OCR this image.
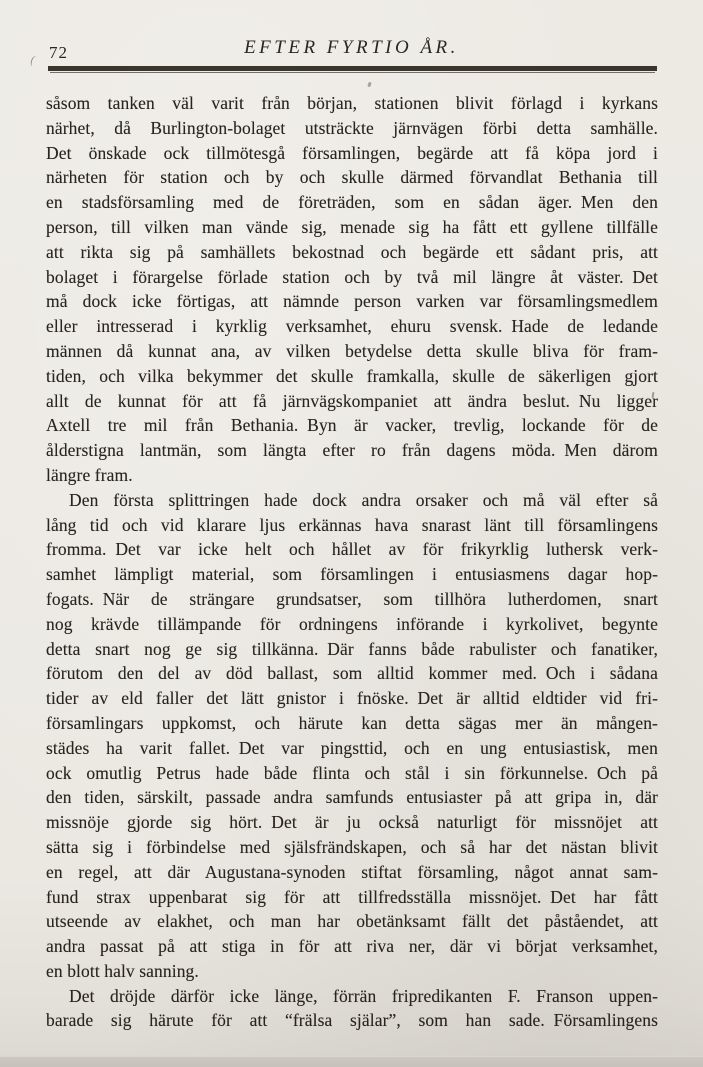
72	EFTER FYRTIO ÅR.
såsom tanken väl varit från början, stationen blivit förlagd i kyrkans
närhet, då Burlington-bolaget utsträckte järnvägen förbi detta samhälle.
Det önskade ock tillmötesgå församlingen, begärde att få köpa jord i
närheten för station och by och skulle därmed förvandlat Bethania till
en stadsförsamling med de företräden, som en sådan äger. Men den
person, till vilken man vände sig, menade sig ha fått ett gyllene tillfälle
att rikta sig på samhällets bekostnad och begärde ett sådant pris, att
bolaget i förargelse förlade station och by två mil längre åt väster. Det
må dock icke förtigas, att nämnde person varken var församlingsmedlem
eller intresserad i kyrklig verksamhet, ehuru svensk. Hade de ledande
männen då kunnat ana, av vilken betydelse detta skulle bliva för fram-
tiden, och vilka bekymmer det skulle framkalla, skulle de säkerligen gjort
allt de kunnat för att få järnvägskompaniet att ändra beslut. Nu ligger
Axtell tre mil från Bethania. Byn är vacker, trevlig, lockande för de
ålderstigna lantmän, som längta efter ro från dagens möda. Men därom
längre fram.
Den första splittringen hade dock andra orsaker och må väl efter så
lång tid och vid klarare ljus erkännas hava snarast länt till församlingens
fromma. Det var icke helt och hållet av för frikyrklig luthersk verk-
samhet lämpligt material, som församlingen i entusiasmens dagar hop-
fogats. När de strängare grundsatser, som tillhöra lutherdomen, snart
nog krävde tillämpande för ordningens införande i kyrkolivet, begynte
detta snart nog ge sig tillkänna. Där fanns både rabulister och fanatiker,
förutom den del av död ballast, som alltid kommer med. Och i sådana
tider av eld faller det lätt gnistor i fnöske. Det är alltid eldtider vid fri-
församlingars uppkomst, och härute kan detta sägas mer än mången-
städes ha varit fallet. Det var pingsttid, och en ung entusiastisk, men
ock omutlig Petrus hade både flinta och stål i sin förkunnelse. Och på
den tiden, särskilt, passade andra samfunds entusiaster på att gripa in, där
missnöje gjorde sig hört. Det är ju också naturligt för missnöjet att
sätta sig i förbindelse med själsfrändskapen, och så har det nästan blivit
en regel, att där Augustana-synoden stiftat församling, något annat sam-
fund strax uppenbarat sig för att tillfredsställa missnöjet. Det har fått
utseende av elakhet, och man har obetänksamt fällt det påståendet, att
andra passat på att stiga in för att riva ner, där vi börjat verksamhet,
en blott halv sanning.
Det dröjde därför icke länge, förrän fripredikanten F. Franson uppen-
barade sig härute för att “frälsa själar”, som han sade. Församlingens
